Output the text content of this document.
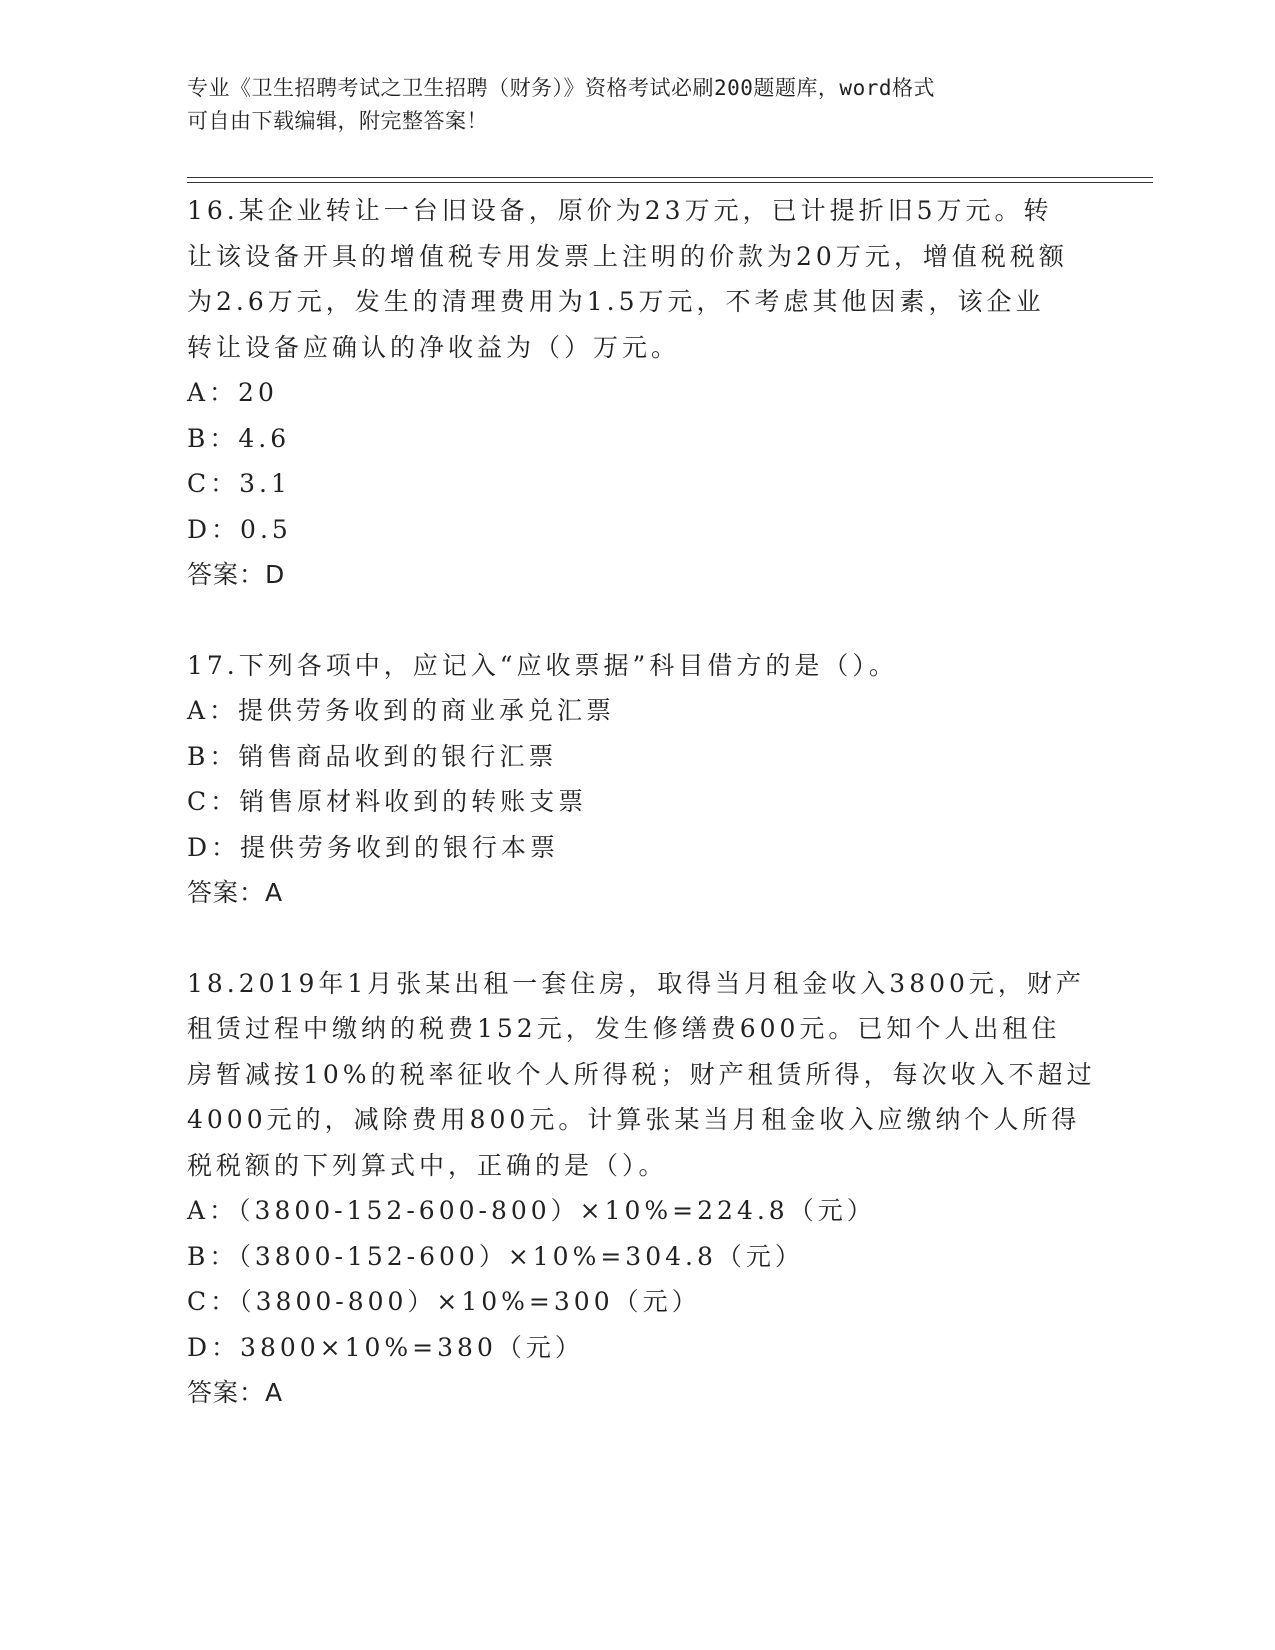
专业《卫生招聘考试之卫生招聘（财务）》资格考试必刷200题题库，word格式
可自由下载编辑，附完整答案！
16.某企业转让一台旧设备，原价为23万元，已计提折旧5万元。转
让该设备开具的增值税专用发票上注明的价款为20万元，增值税税额
为2.6万元，发生的清理费用为1.5万元，不考虑其他因素，该企业
转让设备应确认的净收益为（）万元。
A：20
B：4.6
C：3.1
D：0.5
答案：D
17.下列各项中，应记入“应收票据”科目借方的是（）。
A：提供劳务收到的商业承兑汇票
B：销售商品收到的银行汇票
C：销售原材料收到的转账支票
D：提供劳务收到的银行本票
答案：A
18.2019年1月张某出租一套住房，取得当月租金收入3800元，财产
租赁过程中缴纳的税费152元，发生修缮费600元。已知个人出租住
房暂减按10%的税率征收个人所得税；财产租赁所得，每次收入不超过
4000元的，减除费用800元。计算张某当月租金收入应缴纳个人所得
税税额的下列算式中，正确的是（）。
A：（3800-152-600-800）×10%=224.8（元）
B：（3800-152-600）×10%=304.8（元）
C：（3800-800）×10%=300（元）
D：3800×10%=380（元）
答案：A
